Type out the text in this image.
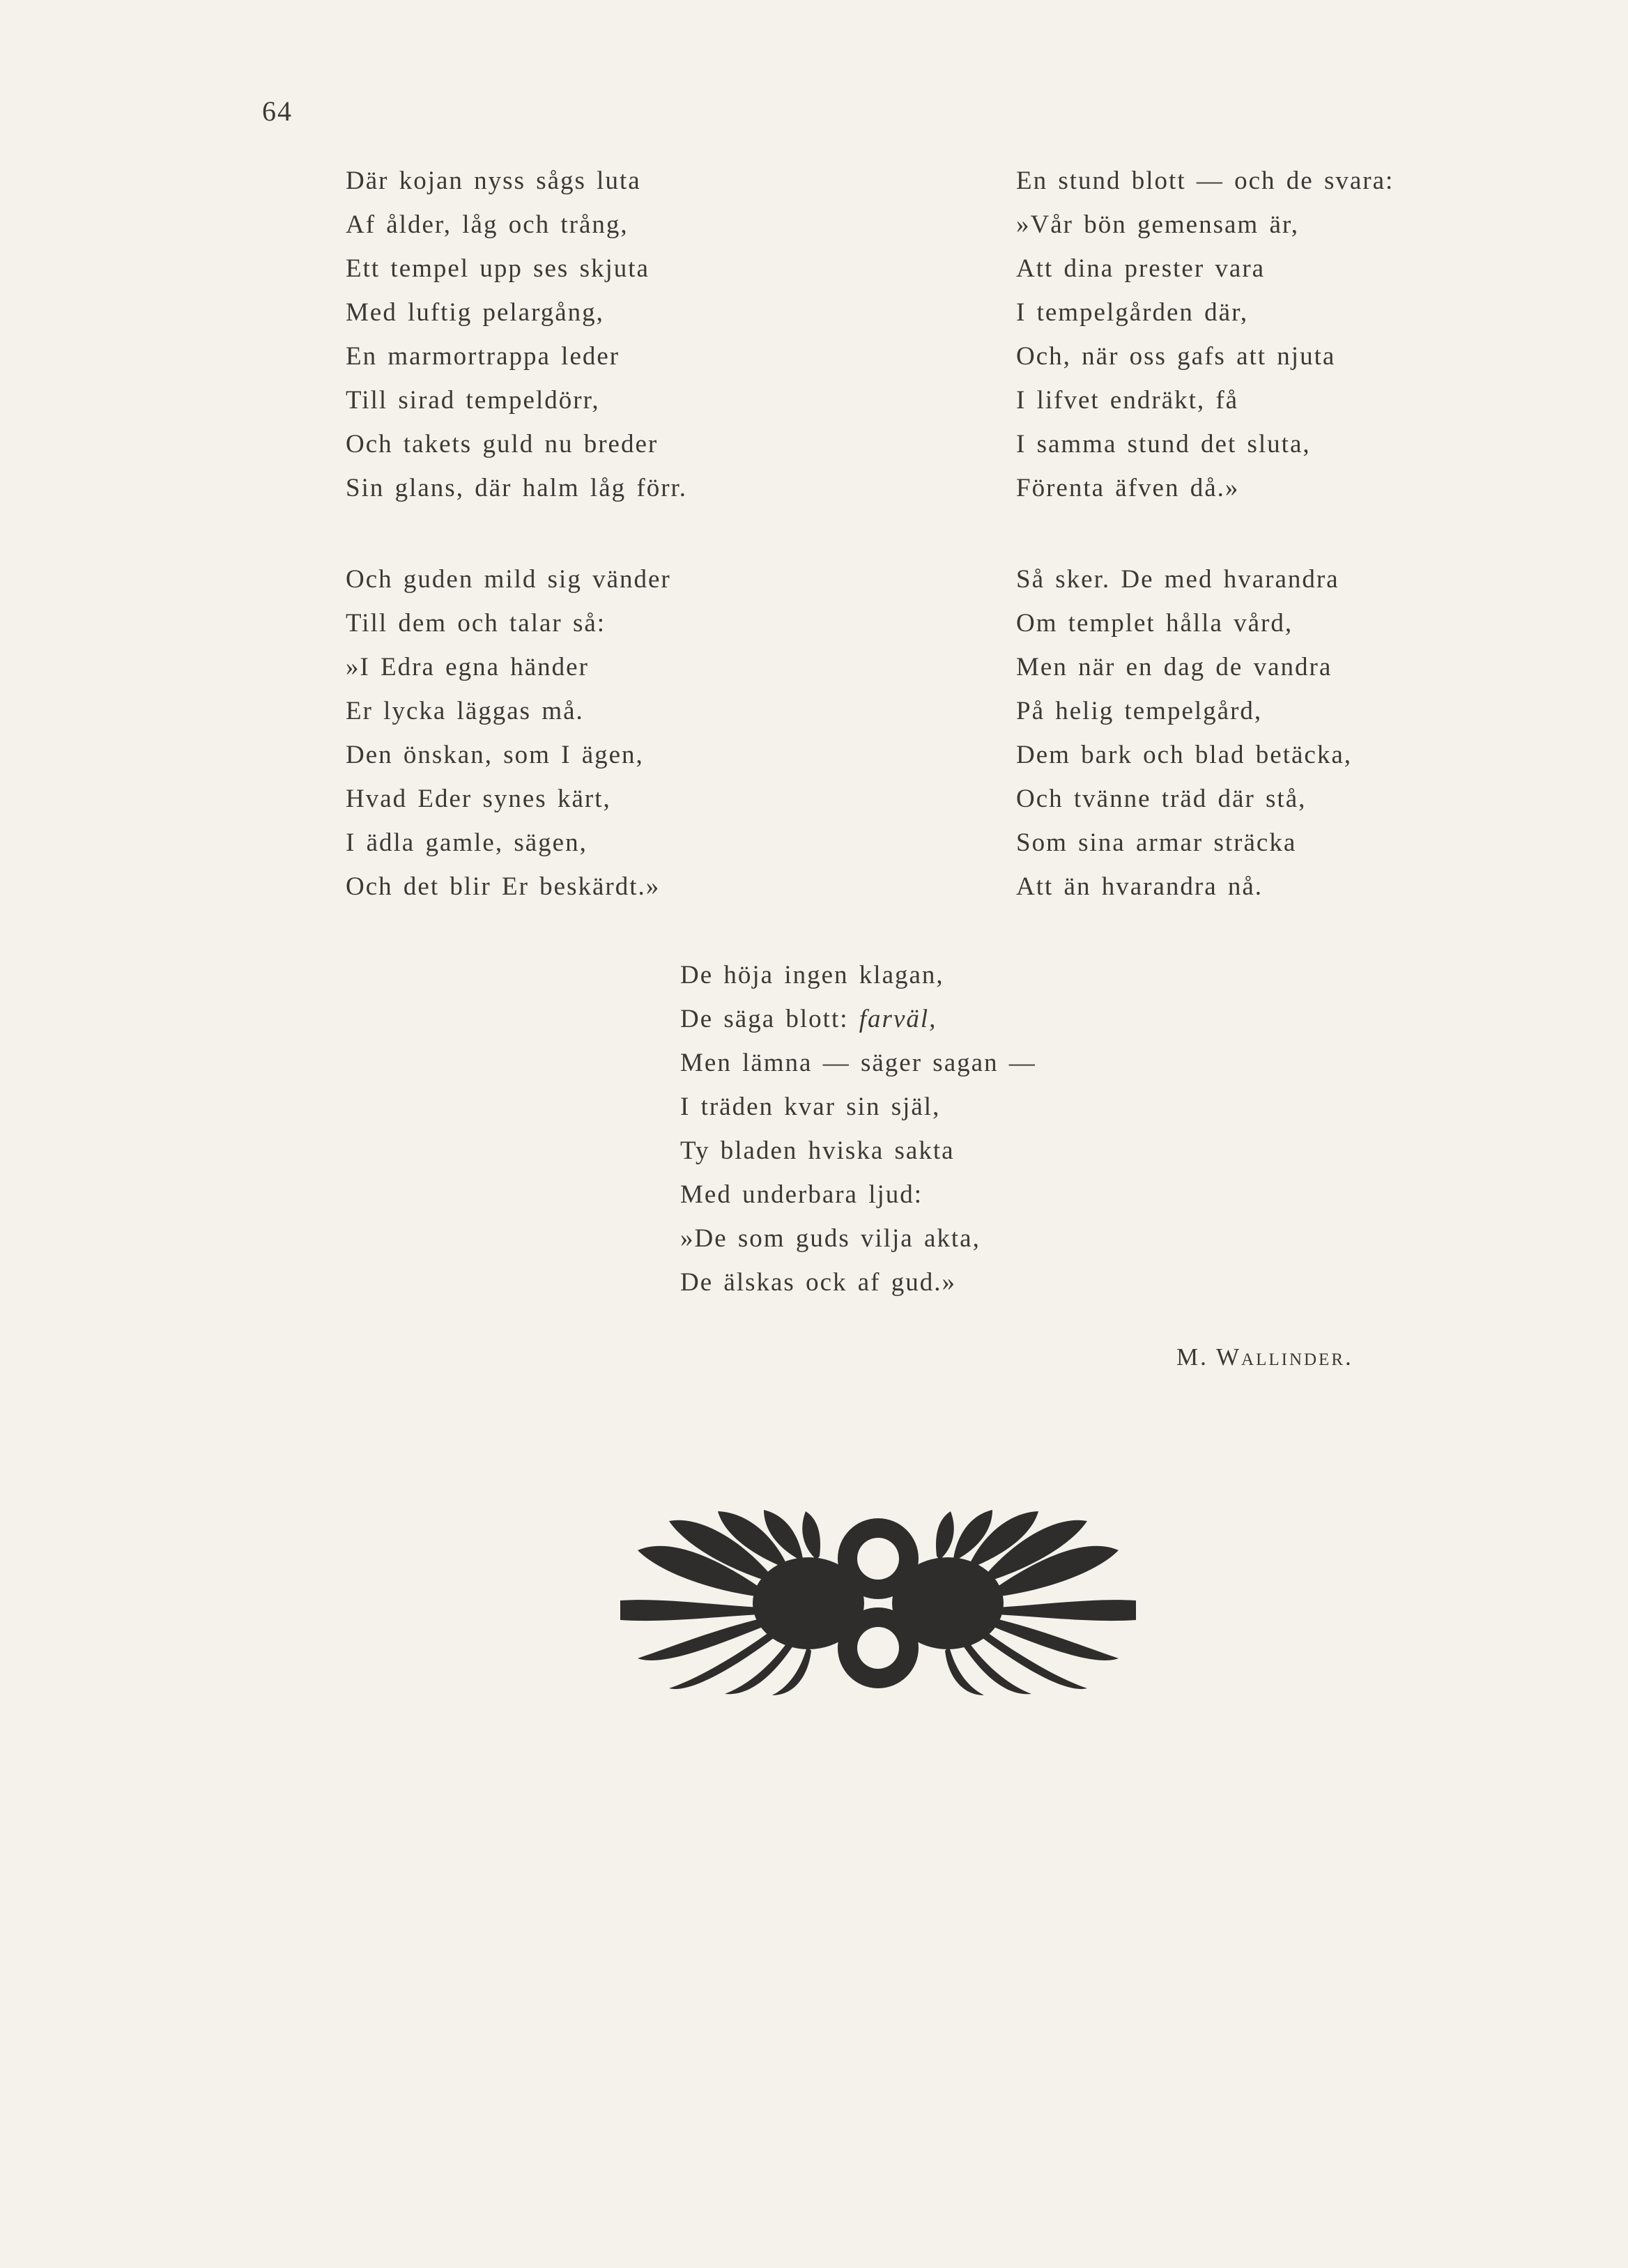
64
Där kojan nyss sågs luta
Af ålder, låg och trång,
Ett tempel upp ses skjuta
Med luftig pelargång,
En marmortrappa leder
Till sirad tempeldörr,
Och takets guld nu breder
Sin glans, där halm låg förr.
En stund blott — och de svara:
»Vår bön gemensam är,
Att dina prester vara
I tempelgården där,
Och, när oss gafs att njuta
I lifvet endräkt, få
I samma stund det sluta,
Förenta äfven då.»
Och guden mild sig vänder
Till dem och talar så:
»I Edra egna händer
Er lycka läggas må.
Den önskan, som I ägen,
Hvad Eder synes kärt,
I ädla gamle, sägen,
Och det blir Er beskärdt.»
Så sker. De med hvarandra
Om templet hålla vård,
Men när en dag de vandra
På helig tempelgård,
Dem bark och blad betäcka,
Och tvänne träd där stå,
Som sina armar sträcka
Att än hvarandra nå.
De höja ingen klagan,
De säga blott: farväl,
Men lämna — säger sagan —
I träden kvar sin själ,
Ty bladen hviska sakta
Med underbara ljud:
»De som guds vilja akta,
De älskas ock af gud.»
M. Wallinder.
